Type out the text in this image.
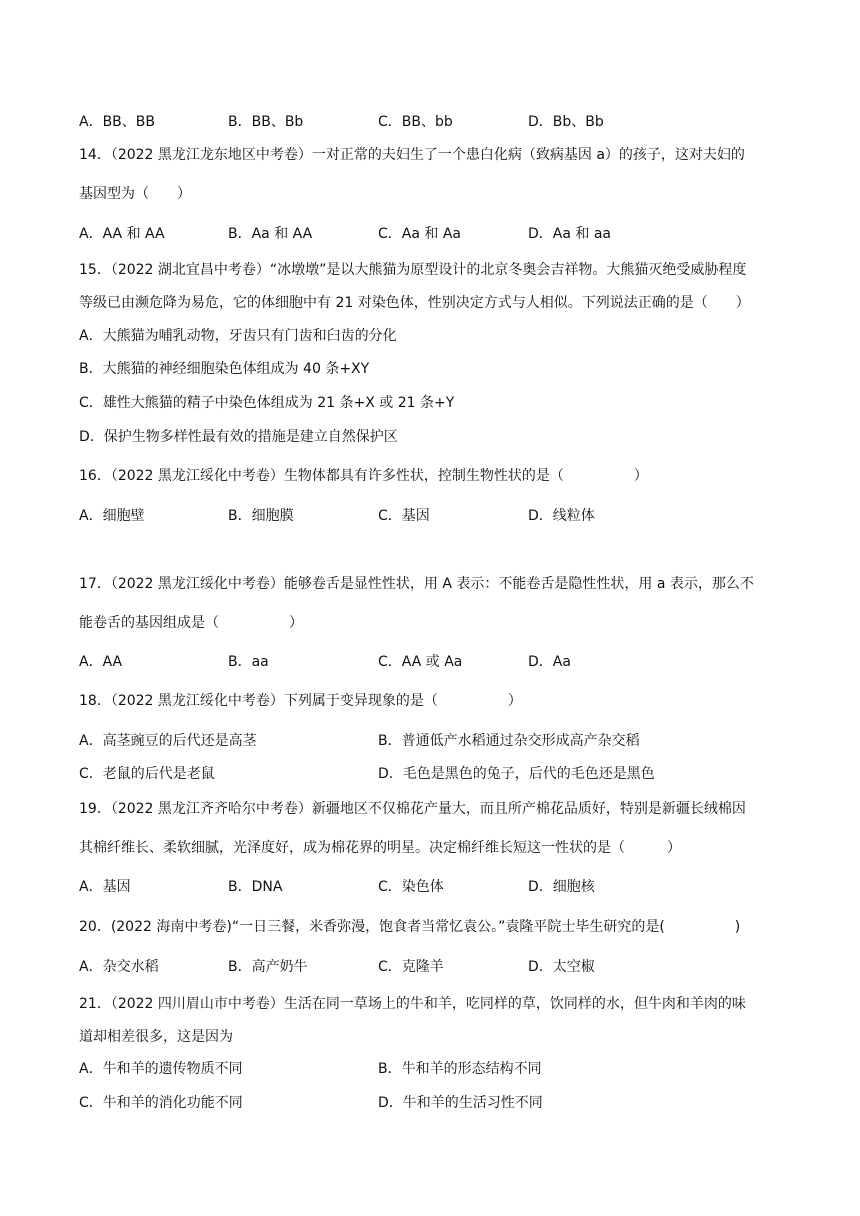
A．BB、BB	B．BB、Bb	C．BB、bb	D．Bb、Bb
14．（2022 黑龙江龙东地区中考卷）一对正常的夫妇生了一个患白化病（致病基因 a）的孩子，这对夫妇的
基因型为（　　）
A．AA 和 AA	B．Aa 和 AA	C．Aa 和 Aa	D．Aa 和 aa
15．（2022 湖北宜昌中考卷）“冰墩墩”是以大熊猫为原型设计的北京冬奥会吉祥物。大熊猫灭绝受威胁程度
等级已由濒危降为易危，它的体细胞中有 21 对染色体，性别决定方式与人相似。下列说法正确的是（　　）
A．大熊猫为哺乳动物，牙齿只有门齿和臼齿的分化
B．大熊猫的神经细胞染色体组成为 40 条+XY
C．雄性大熊猫的精子中染色体组成为 21 条+X 或 21 条+Y
D．保护生物多样性最有效的措施是建立自然保护区
16．（2022 黑龙江绥化中考卷）生物体都具有许多性状，控制生物性状的是（　　　　　）
A．细胞壁	B．细胞膜	C．基因	D．线粒体
17．（2022 黑龙江绥化中考卷）能够卷舌是显性性状，用 A 表示：不能卷舌是隐性性状，用 a 表示，那么不
能卷舌的基因组成是（　　　　　）
A．AA	B．aa	C．AA 或 Aa	D．Aa
18．（2022 黑龙江绥化中考卷）下列属于变异现象的是（　　　　　）
A．高茎豌豆的后代还是高茎	B．普通低产水稻通过杂交形成高产杂交稻
C．老鼠的后代是老鼠	D．毛色是黑色的兔子，后代的毛色还是黑色
19．（2022 黑龙江齐齐哈尔中考卷）新疆地区不仅棉花产量大，而且所产棉花品质好，特别是新疆长绒棉因
其棉纤维长、柔软细腻，光泽度好，成为棉花界的明星。决定棉纤维长短这一性状的是（　　　）
A．基因	B．DNA	C．染色体	D．细胞核
20．(2022 海南中考卷)“一日三餐，米香弥漫，饱食者当常忆袁公。”袁隆平院士毕生研究的是(　　　　　)
A．杂交水稻	B．高产奶牛	C．克隆羊	D．太空椒
21．（2022 四川眉山市中考卷）生活在同一草场上的牛和羊，吃同样的草，饮同样的水，但牛肉和羊肉的味
道却相差很多，这是因为
A．牛和羊的遗传物质不同	B．牛和羊的形态结构不同
C．牛和羊的消化功能不同	D．牛和羊的生活习性不同
